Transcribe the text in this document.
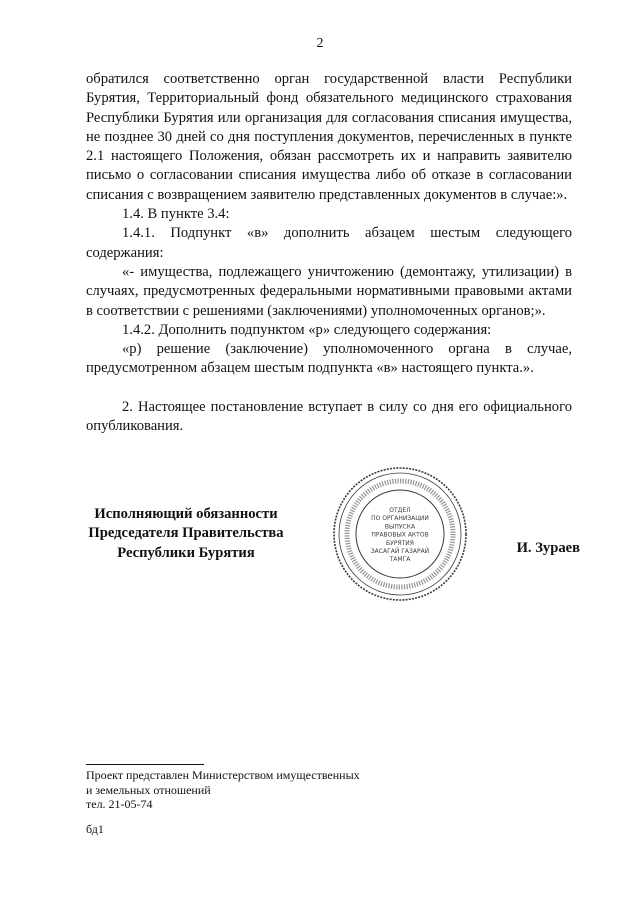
2

обратился соответственно орган государственной власти Республики Бурятия, Территориальный фонд обязательного медицинского страхования Республики Бурятия или организация для согласования списания имущества, не позднее 30 дней со дня поступления документов, перечисленных в пункте 2.1 настоящего Положения, обязан рассмотреть их и направить заявителю письмо о согласовании списания имущества либо об отказе в согласовании списания с возвращением заявителю представленных документов в случае:».

1.4. В пункте 3.4:

1.4.1. Подпункт «в» дополнить абзацем шестым следующего содержания:

«- имущества, подлежащего уничтожению (демонтажу, утилизации) в случаях, предусмотренных федеральными нормативными правовыми актами в соответствии с решениями (заключениями) уполномоченных органов;».

1.4.2. Дополнить подпунктом «р» следующего содержания:

«р) решение (заключение) уполномоченного органа в случае, предусмотренном абзацем шестым подпункта «в» настоящего пункта.».

2. Настоящее постановление вступает в силу со дня его официального опубликования.

Исполняющий обязанности
Председателя Правительства
Республики Бурятия
ОТДЕЛ
ПО ОРГАНИЗАЦИИ
ВЫПУСКА
ПРАВОВЫХ АКТОВ
БУРЯТИЯ
ЗАСАГАЙ ГАЗАРАЙ
ТАМГА
И. Зураев

Проект представлен Министерством имущественных

и земельных отношений

тел. 21-05-74

бд1
